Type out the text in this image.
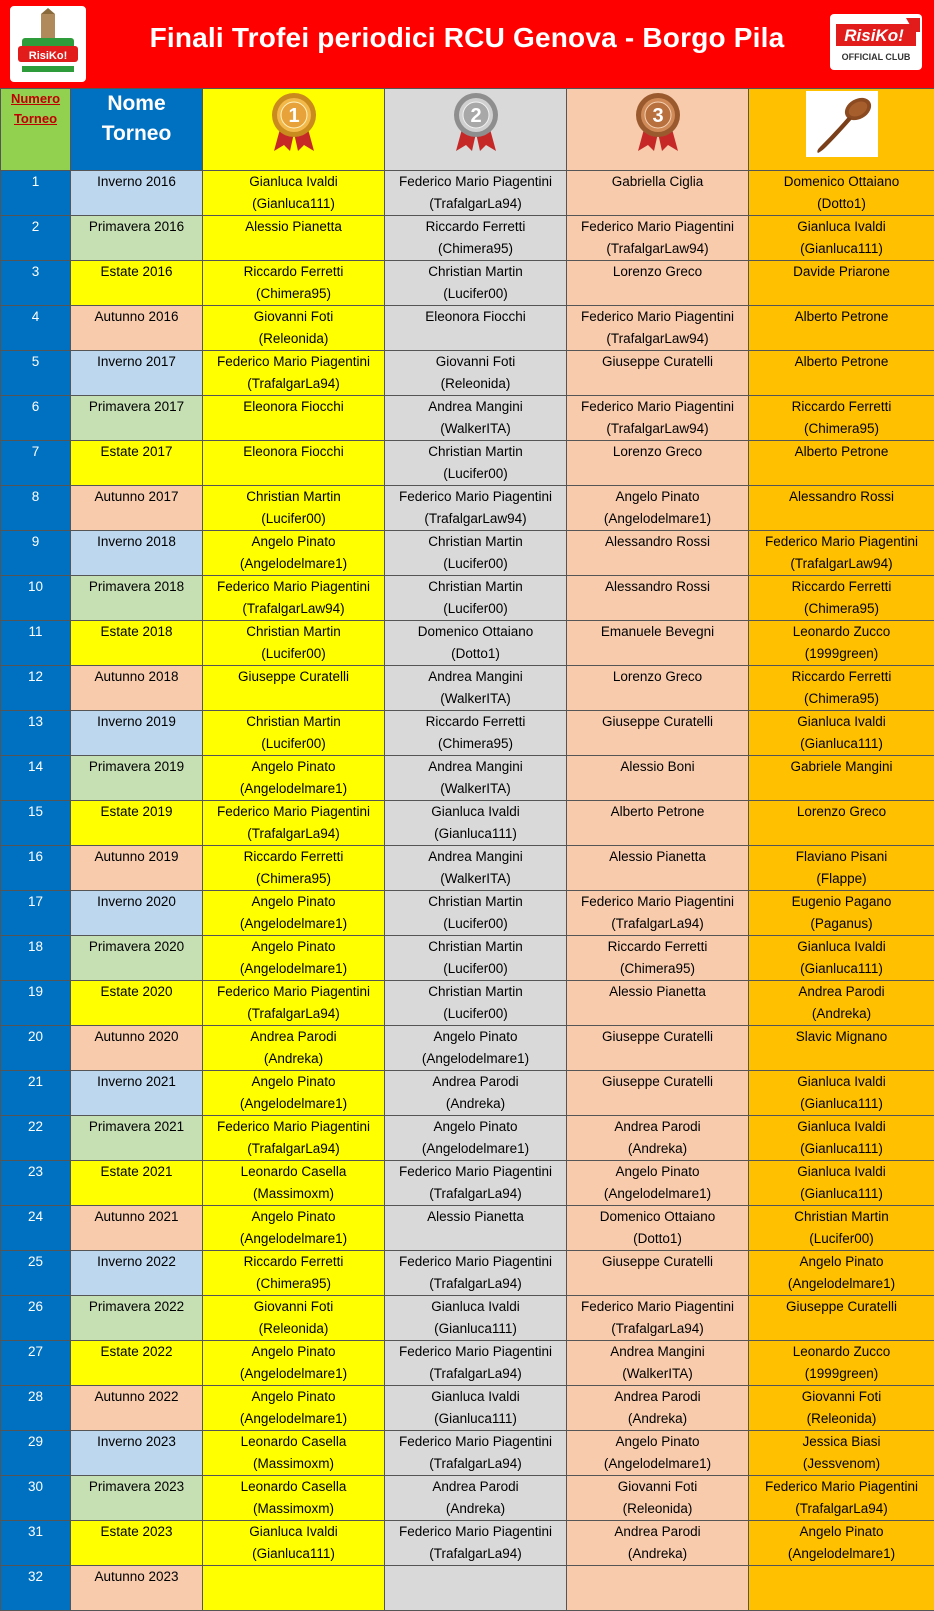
RisiKo!
Finali Trofei periodici RCU Genova - Borgo Pila	RisiKo!
OFFICIAL CLUB
Numero Torneo	Nome Torneo	1	2	3

1	Inverno 2016	Gianluca Ivaldi
(Gianluca111)	Federico Mario Piagentini
(TrafalgarLa94)	Gabriella Ciglia	Domenico Ottaiano
(Dotto1)

2	Primavera 2016	Alessio Pianetta	Riccardo Ferretti
(Chimera95)	Federico Mario Piagentini
(TrafalgarLaw94)	Gianluca Ivaldi
(Gianluca111)

3	Estate 2016	Riccardo Ferretti
(Chimera95)	Christian Martin
(Lucifer00)	Lorenzo Greco	Davide Priarone

4	Autunno 2016	Giovanni Foti
(Releonida)	Eleonora Fiocchi	Federico Mario Piagentini
(TrafalgarLaw94)	Alberto Petrone

5	Inverno 2017	Federico Mario Piagentini
(TrafalgarLa94)	Giovanni Foti
(Releonida)	Giuseppe Curatelli	Alberto Petrone

6	Primavera 2017	Eleonora Fiocchi	Andrea Mangini
(WalkerITA)	Federico Mario Piagentini
(TrafalgarLaw94)	Riccardo Ferretti
(Chimera95)

7	Estate 2017	Eleonora Fiocchi	Christian Martin
(Lucifer00)	Lorenzo Greco	Alberto Petrone

8	Autunno 2017	Christian Martin
(Lucifer00)	Federico Mario Piagentini
(TrafalgarLaw94)	Angelo Pinato
(Angelodelmare1)	Alessandro Rossi

9	Inverno 2018	Angelo Pinato
(Angelodelmare1)	Christian Martin
(Lucifer00)	Alessandro Rossi	Federico Mario Piagentini
(TrafalgarLaw94)

10	Primavera 2018	Federico Mario Piagentini
(TrafalgarLaw94)	Christian Martin
(Lucifer00)	Alessandro Rossi	Riccardo Ferretti
(Chimera95)

11	Estate 2018	Christian Martin
(Lucifer00)	Domenico Ottaiano
(Dotto1)	Emanuele Bevegni	Leonardo Zucco
(1999green)

12	Autunno 2018	Giuseppe Curatelli	Andrea Mangini
(WalkerITA)	Lorenzo Greco	Riccardo Ferretti
(Chimera95)

13	Inverno 2019	Christian Martin
(Lucifer00)	Riccardo Ferretti
(Chimera95)	Giuseppe Curatelli	Gianluca Ivaldi
(Gianluca111)

14	Primavera 2019	Angelo Pinato
(Angelodelmare1)	Andrea Mangini
(WalkerITA)	Alessio Boni	Gabriele Mangini

15	Estate 2019	Federico Mario Piagentini
(TrafalgarLa94)	Gianluca Ivaldi
(Gianluca111)	Alberto Petrone	Lorenzo Greco

16	Autunno 2019	Riccardo Ferretti
(Chimera95)	Andrea Mangini
(WalkerITA)	Alessio Pianetta	Flaviano Pisani
(Flappe)

17	Inverno 2020	Angelo Pinato
(Angelodelmare1)	Christian Martin
(Lucifer00)	Federico Mario Piagentini
(TrafalgarLa94)	Eugenio Pagano
(Paganus)

18	Primavera 2020	Angelo Pinato
(Angelodelmare1)	Christian Martin
(Lucifer00)	Riccardo Ferretti
(Chimera95)	Gianluca Ivaldi
(Gianluca111)

19	Estate 2020	Federico Mario Piagentini
(TrafalgarLa94)	Christian Martin
(Lucifer00)	Alessio Pianetta	Andrea Parodi
(Andreka)

20	Autunno 2020	Andrea Parodi
(Andreka)	Angelo Pinato
(Angelodelmare1)	Giuseppe Curatelli	Slavic Mignano

21	Inverno 2021	Angelo Pinato
(Angelodelmare1)	Andrea Parodi
(Andreka)	Giuseppe Curatelli	Gianluca Ivaldi
(Gianluca111)

22	Primavera 2021	Federico Mario Piagentini
(TrafalgarLa94)	Angelo Pinato
(Angelodelmare1)	Andrea Parodi
(Andreka)	Gianluca Ivaldi
(Gianluca111)

23	Estate 2021	Leonardo Casella
(Massimoxm)	Federico Mario Piagentini
(TrafalgarLa94)	Angelo Pinato
(Angelodelmare1)	Gianluca Ivaldi
(Gianluca111)

24	Autunno 2021	Angelo Pinato
(Angelodelmare1)	Alessio Pianetta	Domenico Ottaiano
(Dotto1)	Christian Martin
(Lucifer00)

25	Inverno 2022	Riccardo Ferretti
(Chimera95)	Federico Mario Piagentini
(TrafalgarLa94)	Giuseppe Curatelli	Angelo Pinato
(Angelodelmare1)

26	Primavera 2022	Giovanni Foti
(Releonida)	Gianluca Ivaldi
(Gianluca111)	Federico Mario Piagentini
(TrafalgarLa94)	Giuseppe Curatelli

27	Estate 2022	Angelo Pinato
(Angelodelmare1)	Federico Mario Piagentini
(TrafalgarLa94)	Andrea Mangini
(WalkerITA)	Leonardo Zucco
(1999green)

28	Autunno 2022	Angelo Pinato
(Angelodelmare1)	Gianluca Ivaldi
(Gianluca111)	Andrea Parodi
(Andreka)	Giovanni Foti
(Releonida)

29	Inverno 2023	Leonardo Casella
(Massimoxm)	Federico Mario Piagentini
(TrafalgarLa94)	Angelo Pinato
(Angelodelmare1)	Jessica Biasi
(Jessvenom)

30	Primavera 2023	Leonardo Casella
(Massimoxm)	Andrea Parodi
(Andreka)	Giovanni Foti
(Releonida)	Federico Mario Piagentini
(TrafalgarLa94)

31	Estate 2023	Gianluca Ivaldi
(Gianluca111)	Federico Mario Piagentini
(TrafalgarLa94)	Andrea Parodi
(Andreka)	Angelo Pinato
(Angelodelmare1)

32	Autunno 2023	
